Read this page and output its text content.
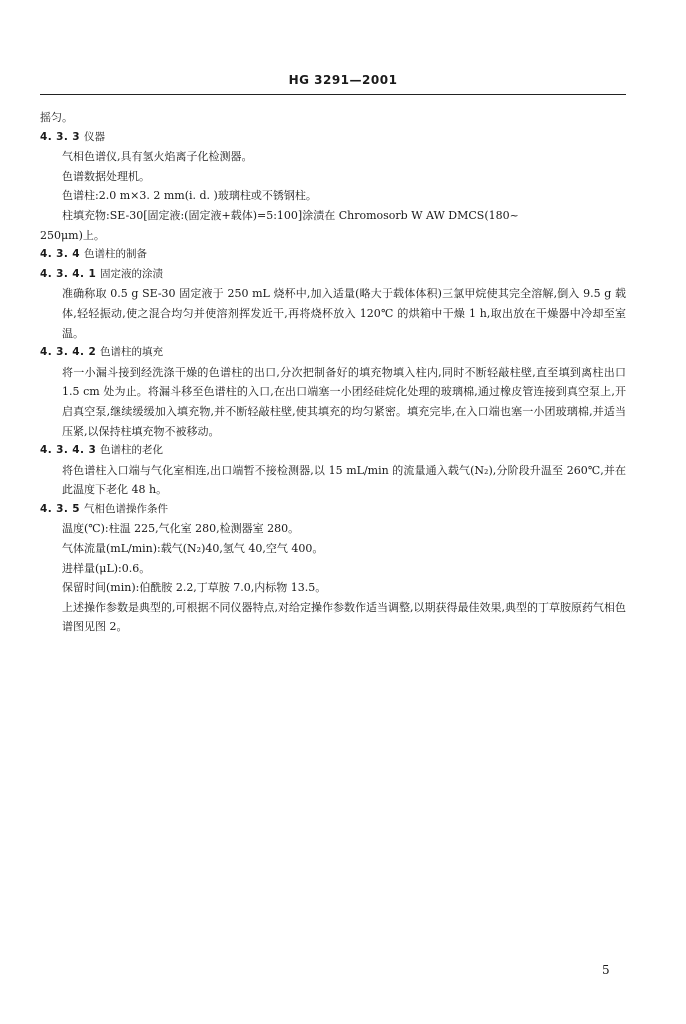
HG 3291—2001

摇匀。

4. 3. 3 仪器

气相色谱仪,具有氢火焰离子化检测器。

色谱数据处理机。

色谱柱:2.0 m×3. 2 mm(i. d. )玻璃柱或不锈钢柱。

柱填充物:SE-30[固定液:(固定液+载体)=5:100]涂渍在 Chromosorb W AW DMCS(180~

250μm)上。

4. 3. 4 色谱柱的制备

4. 3. 4. 1 固定液的涂渍

准确称取 0.5 g SE-30 固定液于 250 mL 烧杯中,加入适量(略大于载体体积)三氯甲烷使其完全溶解,倒入 9.5 g 载体,轻轻振动,使之混合均匀并使溶剂挥发近干,再将烧杯放入 120℃ 的烘箱中干燥 1 h,取出放在干燥器中冷却至室温。

4. 3. 4. 2 色谱柱的填充

将一小漏斗接到经洗涤干燥的色谱柱的出口,分次把制备好的填充物填入柱内,同时不断轻敲柱壁,直至填到离柱出口 1.5 cm 处为止。将漏斗移至色谱柱的入口,在出口端塞一小团经硅烷化处理的玻璃棉,通过橡皮管连接到真空泵上,开启真空泵,继续缓缓加入填充物,并不断轻敲柱壁,使其填充的均匀紧密。填充完毕,在入口端也塞一小团玻璃棉,并适当压紧,以保持柱填充物不被移动。

4. 3. 4. 3 色谱柱的老化

将色谱柱入口端与气化室相连,出口端暂不接检测器,以 15 mL/min 的流量通入载气(N₂),分阶段升温至 260℃,并在此温度下老化 48 h。

4. 3. 5 气相色谱操作条件

温度(℃):柱温 225,气化室 280,检测器室 280。

气体流量(mL/min):载气(N₂)40,氢气 40,空气 400。

进样量(μL):0.6。

保留时间(min):伯酰胺 2.2,丁草胺 7.0,内标物 13.5。

上述操作参数是典型的,可根据不同仪器特点,对给定操作参数作适当调整,以期获得最佳效果,典型的丁草胺原药气相色谱图见图 2。

5
